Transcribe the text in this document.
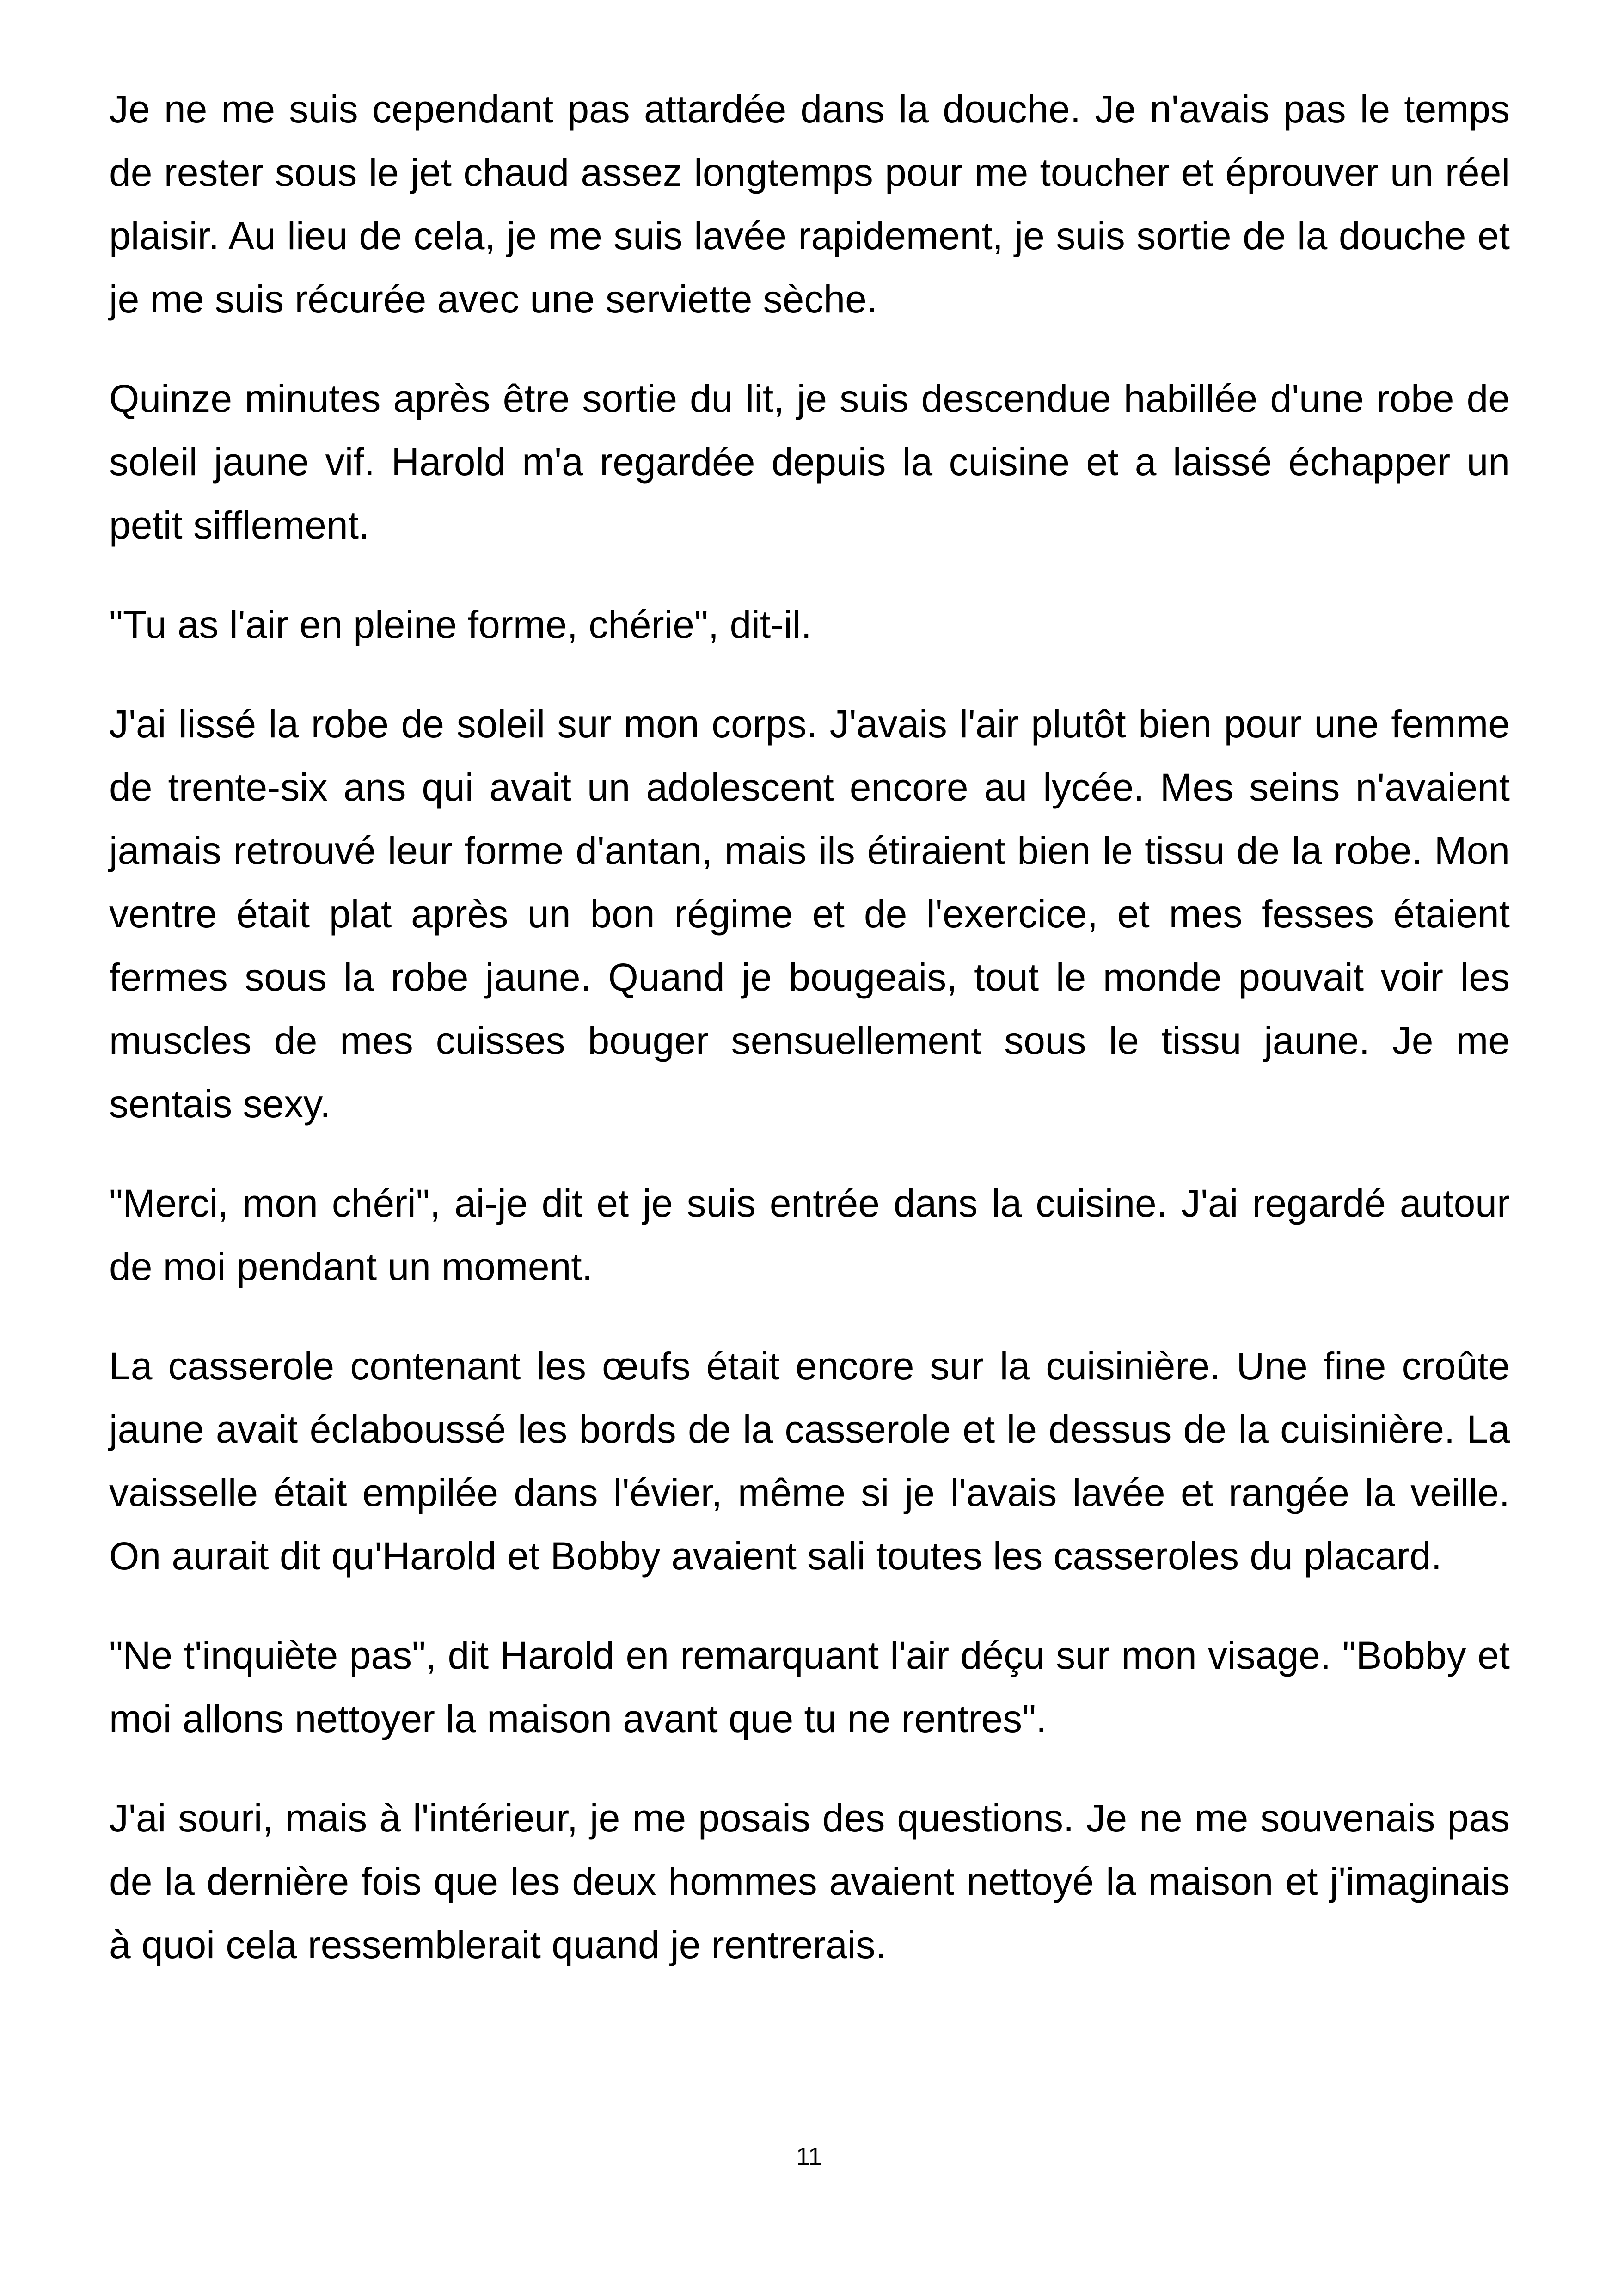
Je ne me suis cependant pas attardée dans la douche. Je n'avais pas le temps de rester sous le jet chaud assez longtemps pour me toucher et éprouver un réel plaisir. Au lieu de cela, je me suis lavée rapidement, je suis sortie de la douche et je me suis récurée avec une serviette sèche.

Quinze minutes après être sortie du lit, je suis descendue habillée d'une robe de soleil jaune vif. Harold m'a regardée depuis la cuisine et a laissé échapper un petit sifflement.

"Tu as l'air en pleine forme, chérie", dit-il.

J'ai lissé la robe de soleil sur mon corps. J'avais l'air plutôt bien pour une femme de trente-six ans qui avait un adolescent encore au lycée. Mes seins n'avaient jamais retrouvé leur forme d'antan, mais ils étiraient bien le tissu de la robe. Mon ventre était plat après un bon régime et de l'exercice, et mes fesses étaient fermes sous la robe jaune. Quand je bougeais, tout le monde pouvait voir les muscles de mes cuisses bouger sensuellement sous le tissu jaune. Je me sentais sexy.

"Merci, mon chéri", ai-je dit et je suis entrée dans la cuisine. J'ai regardé autour de moi pendant un moment.

La casserole contenant les œufs était encore sur la cuisinière. Une fine croûte jaune avait éclaboussé les bords de la casserole et le dessus de la cuisinière. La vaisselle était empilée dans l'évier, même si je l'avais lavée et rangée la veille. On aurait dit qu'Harold et Bobby avaient sali toutes les casseroles du placard.

"Ne t'inquiète pas", dit Harold en remarquant l'air déçu sur mon visage. "Bobby et moi allons nettoyer la maison avant que tu ne rentres".

J'ai souri, mais à l'intérieur, je me posais des questions. Je ne me souvenais pas de la dernière fois que les deux hommes avaient nettoyé la maison et j'imaginais à quoi cela ressemblerait quand je rentrerais.

11
